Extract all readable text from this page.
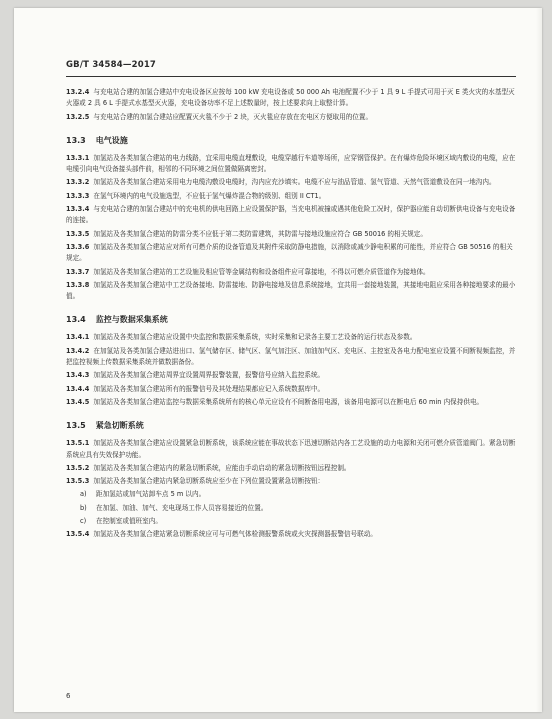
GB/T 34584—2017

13.2.4 与充电站合建的加氢合建站中充电设备区应按每 100 kW 充电设备或 50 000 Ah 电池配置不少于 1 具 9 L 手提式可用于灭 E 类火灾的水基型灭火器或 2 具 6 L 手提式水基型灭火器，充电设备功率不足上述数量时，按上述要求向上取整计算。

13.2.5 与充电站合建的加氢合建站应配置灭火毯不少于 2 块，灭火毯应存放在充电区方便取用的位置。

13.3 电气设施

13.3.1 加氢站及各类加氢合建站的电力线路，宜采用电缆直埋敷设，电缆穿越行车道等场所，应穿钢管保护。在有爆炸危险环境区域内敷设的电缆，应在电缆引向电气设备接头部件前，相邻的不同环境之间位置做隔离密封。

13.3.2 加氢站及各类加氢合建站采用电力电缆沟敷设电缆时，沟内应充沙填实。电缆不应与油品管道、氢气管道、天然气管道敷设在同一地沟内。

13.3.3 在氢气环境内的电气设施选型，不应低于氢气爆炸混合物的级别、组别 II CT1。

13.3.4 与充电站合建的加氢合建站中的充电机的供电回路上应设置保护器，当充电机被撞或遇其他危险工况时，保护器应能自动切断供电设备与充电设备的连接。

13.3.5 加氢站及各类加氢合建站的防雷分类不应低于第二类防雷建筑，其防雷与接地设施应符合 GB 50016 的相关规定。

13.3.6 加氢站及各类加氢合建站应对所有可燃介质的设备管道及其附件采取防静电措施，以消除或减少静电积累的可能性，并应符合 GB 50516 的相关规定。

13.3.7 加氢站及各类加氢合建站的工艺设施及相应管等金属结构和设备组件应可靠接地，不得以可燃介质管道作为接地体。

13.3.8 加氢站及各类加氢合建站中工艺设备接地、防雷接地、防静电接地及信息系统接地，宜共用一套接地装置，其接地电阻应采用各种接地要求的最小值。

13.4 监控与数据采集系统

13.4.1 加氢站及各类加氢合建站应设置中央监控和数据采集系统，实时采集和记录各主要工艺设备的运行状态及参数。

13.4.2 在加氢站及各类加氢合建站进出口、氢气储存区、储气区、氢气加注区、加油加气区、充电区、主控室及各电力配电室应设置不间断视频监控，并把监控视频上传数据采集系统并做数据备份。

13.4.3 加氢站及各类加氢合建站周界宜设置周界报警装置，报警信号应纳入监控系统。

13.4.4 加氢站及各类加氢合建站所有的报警信号及其处理结果都应记入系统数据库中。

13.4.5 加氢站及各类加氢合建站监控与数据采集系统所有的核心单元应设有不间断备用电源，该备用电源可以在断电后 60 min 内保持供电。

13.5 紧急切断系统

13.5.1 加氢站及各类加氢合建站应设置紧急切断系统，该系统应能在事故状态下迅速切断站内各工艺设施的动力电源和关闭可燃介质管道阀门。紧急切断系统应具有失效保护功能。

13.5.2 加氢站及各类加氢合建站内的紧急切断系统，应能由手动启动的紧急切断按钮远程控制。

13.5.3 加氢站及各类加氢合建站内紧急切断系统应至少在下列位置设置紧急切断按钮：

a) 距加氢站或加气站卸车点 5 m 以内。

b) 在加氢、加油、加气、充电现场工作人员容易接近的位置。

c) 在控制室或值班室内。

13.5.4 加氢站及各类加氢合建站紧急切断系统应可与可燃气体检测报警系统或火灾探测器报警信号联动。

6
